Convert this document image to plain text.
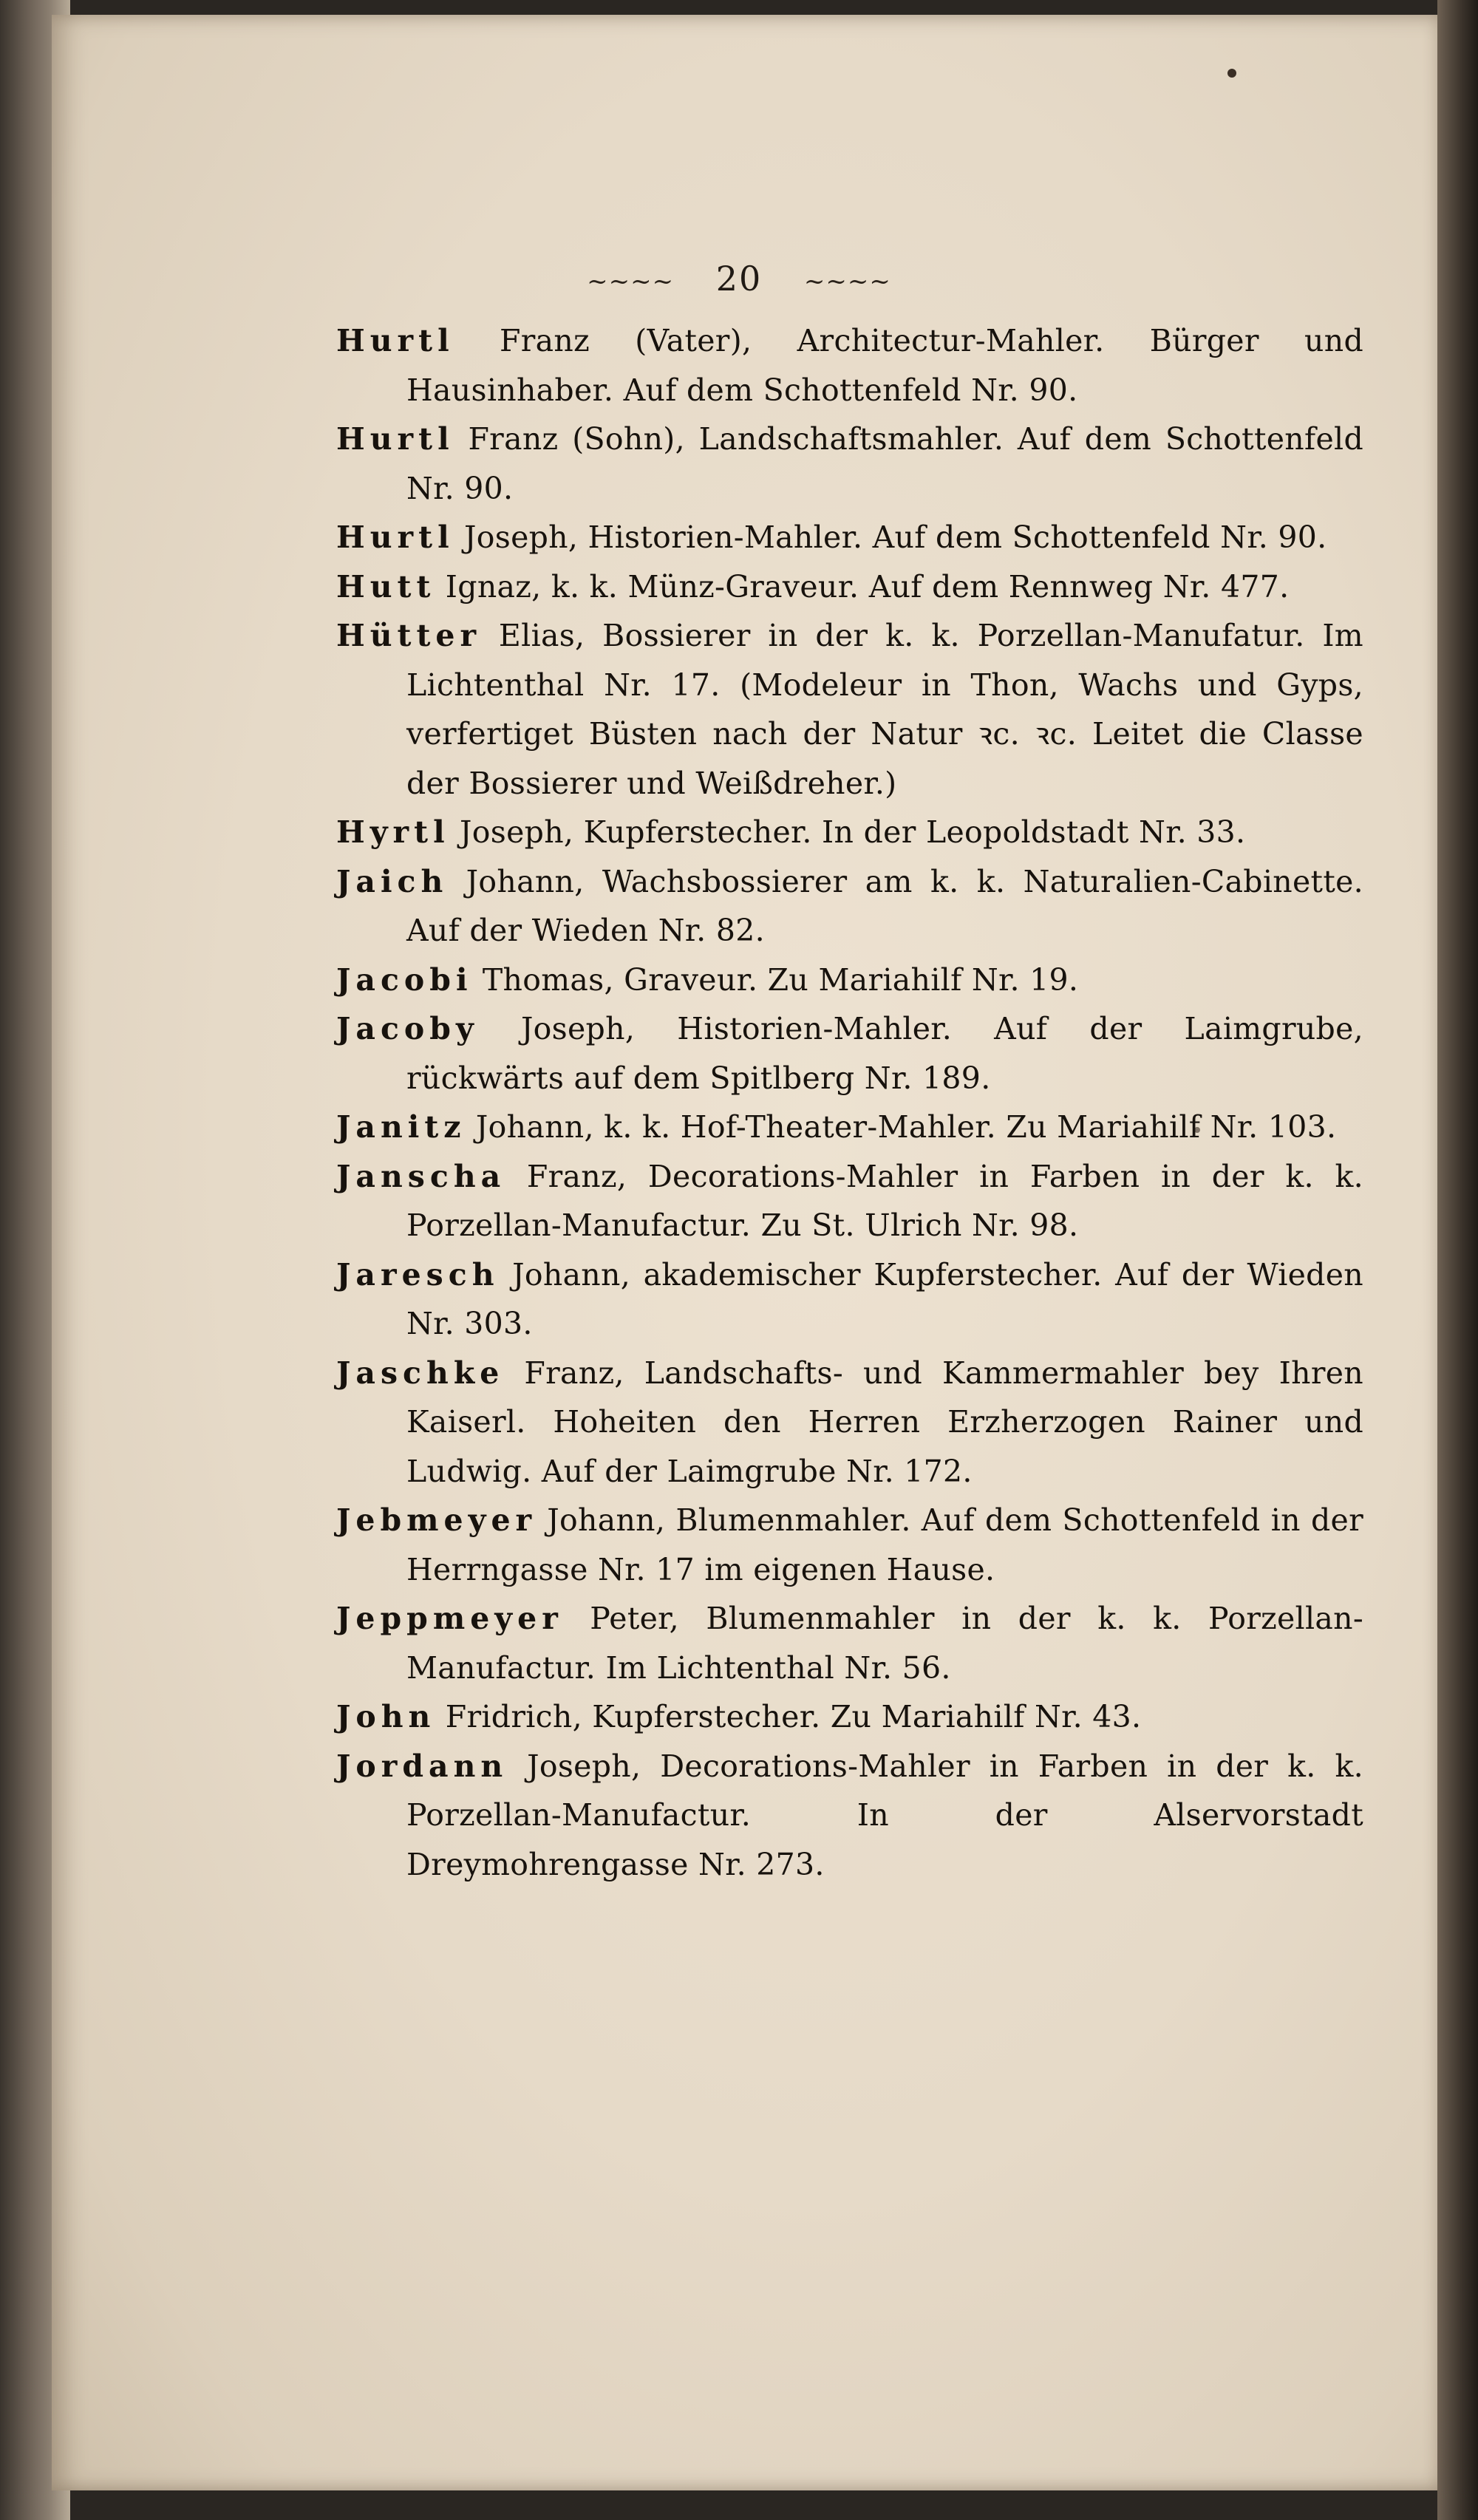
~~~~ 20 ~~~~

Hurtl Franz (Vater), Architectur-Mahler. Bürger und Hausinhaber. Auf dem Schottenfeld Nr. 90.

Hurtl Franz (Sohn), Landschaftsmahler. Auf dem Schottenfeld Nr. 90.

Hurtl Joseph, Historien-Mahler. Auf dem Schottenfeld Nr. 90.

Hutt Ignaz, k. k. Münz-Graveur. Auf dem Rennweg Nr. 477.

Hütter Elias, Bossierer in der k. k. Porzellan-Manufatur. Im Lichtenthal Nr. 17. (Modeleur in Thon, Wachs und Gyps, verfertiget Büsten nach der Natur ꝛc. ꝛc. Leitet die Classe der Bossierer und Weißdreher.)

Hyrtl Joseph, Kupferstecher. In der Leopoldstadt Nr. 33.

Jaich Johann, Wachsbossierer am k. k. Naturalien-Cabinette. Auf der Wieden Nr. 82.

Jacobi Thomas, Graveur. Zu Mariahilf Nr. 19.

Jacoby Joseph, Historien-Mahler. Auf der Laimgrube, rückwärts auf dem Spitlberg Nr. 189.

Janitz Johann, k. k. Hof-Theater-Mahler. Zu Mariahilf Nr. 103.

Janscha Franz, Decorations-Mahler in Farben in der k. k. Porzellan-Manufactur. Zu St. Ulrich Nr. 98.

Jaresch Johann, akademischer Kupferstecher. Auf der Wieden Nr. 303.

Jaschke Franz, Landschafts- und Kammermahler bey Ihren Kaiserl. Hoheiten den Herren Erzherzogen Rainer und Ludwig. Auf der Laimgrube Nr. 172.

Jebmeyer Johann, Blumenmahler. Auf dem Schottenfeld in der Herrngasse Nr. 17 im eigenen Hause.

Jeppmeyer Peter, Blumenmahler in der k. k. Porzellan-Manufactur. Im Lichtenthal Nr. 56.

John Fridrich, Kupferstecher. Zu Mariahilf Nr. 43.

Jordann Joseph, Decorations-Mahler in Farben in der k. k. Porzellan-Manufactur. In der Alservorstadt Dreymohrengasse Nr. 273.
